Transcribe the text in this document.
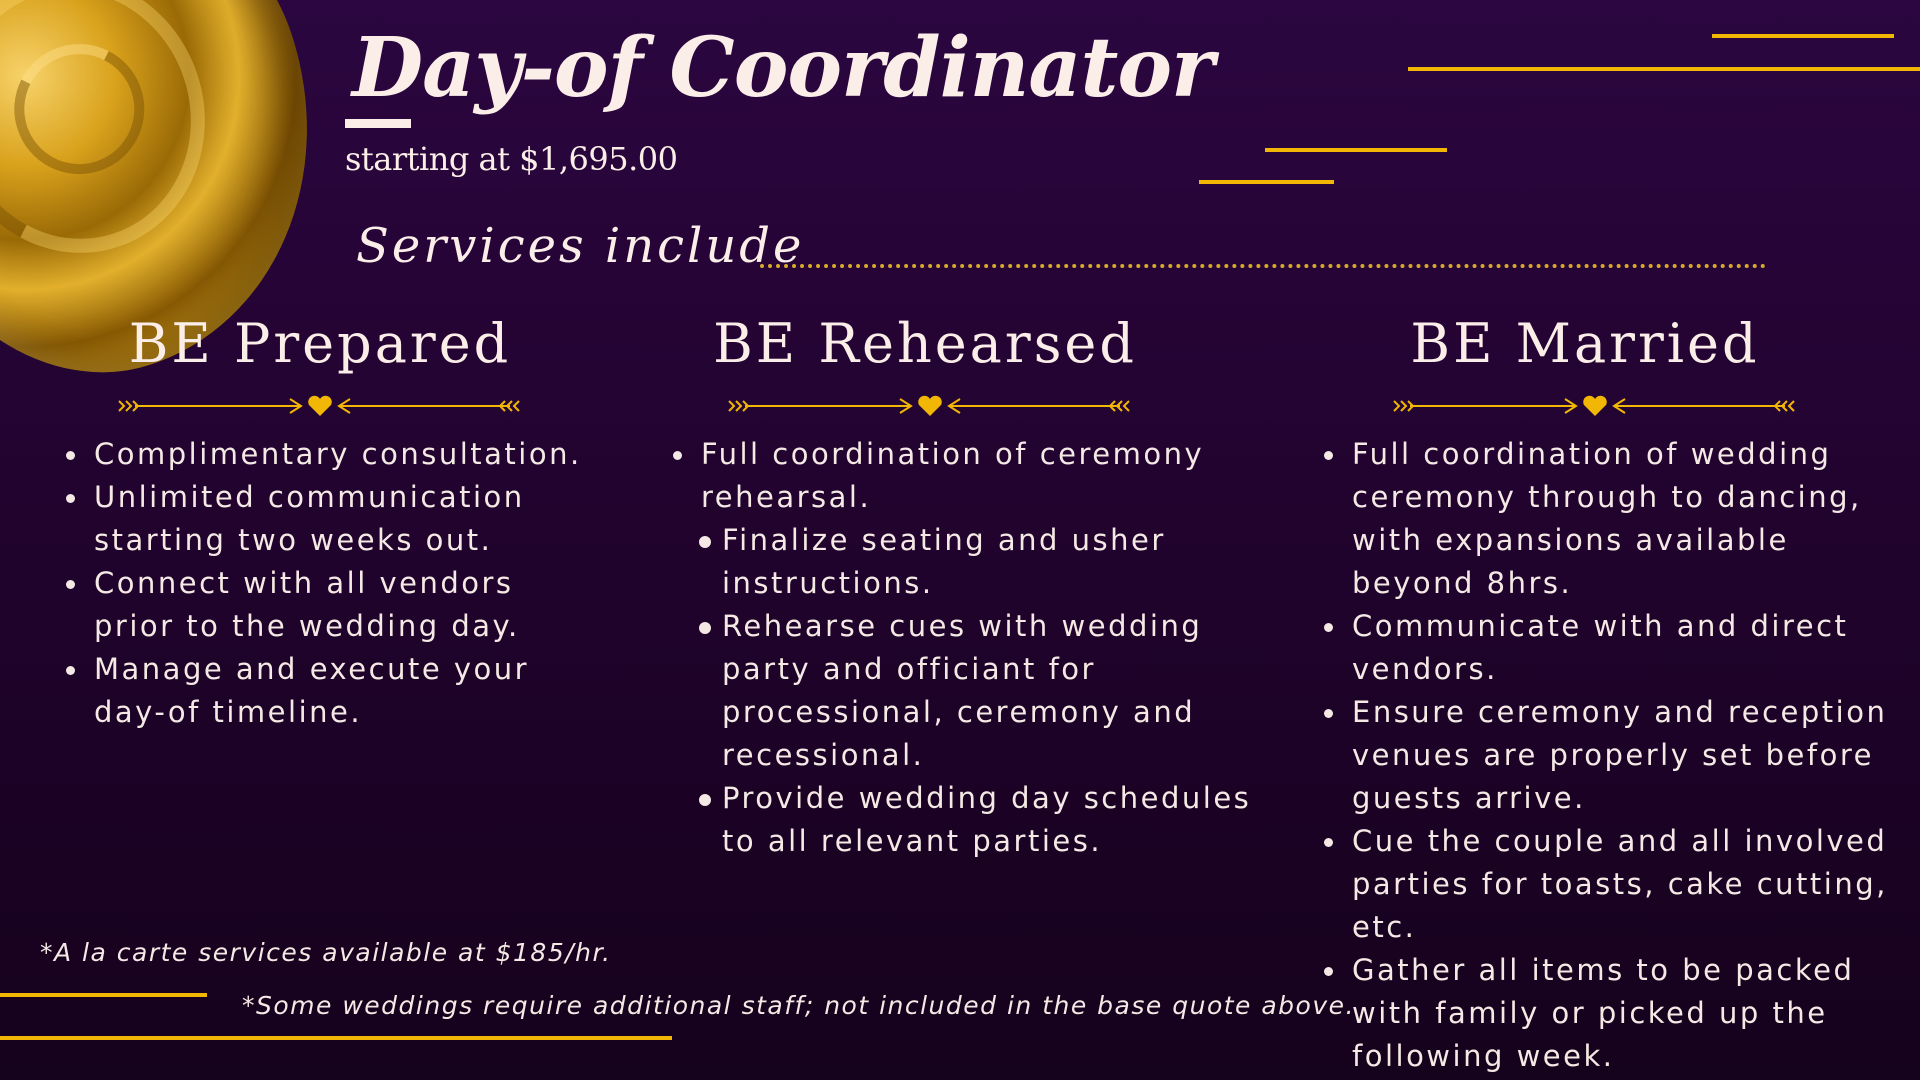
Day-of Coordinator
starting at $1,695.00
Services include
BE Prepared
Complimentary consultation.
Unlimited communication starting two weeks out.
Connect with all vendors prior to the wedding day.
Manage and execute your day-of timeline.
BE Rehearsed
Full coordination of ceremony rehearsal.
Finalize seating and usher instructions.
Rehearse cues with wedding party and officiant for processional, ceremony and recessional.
Provide wedding day schedules to all relevant parties.
BE Married
Full coordination of wedding ceremony through to dancing, with expansions available beyond 8hrs.
Communicate with and direct vendors.
Ensure ceremony and reception venues are properly set before guests arrive.
Cue the couple and all involved parties for toasts, cake cutting, etc.
Gather all items to be packed with family or picked up the following week.
*A la carte services available at $185/hr.
*Some weddings require additional staff; not included in the base quote above.
